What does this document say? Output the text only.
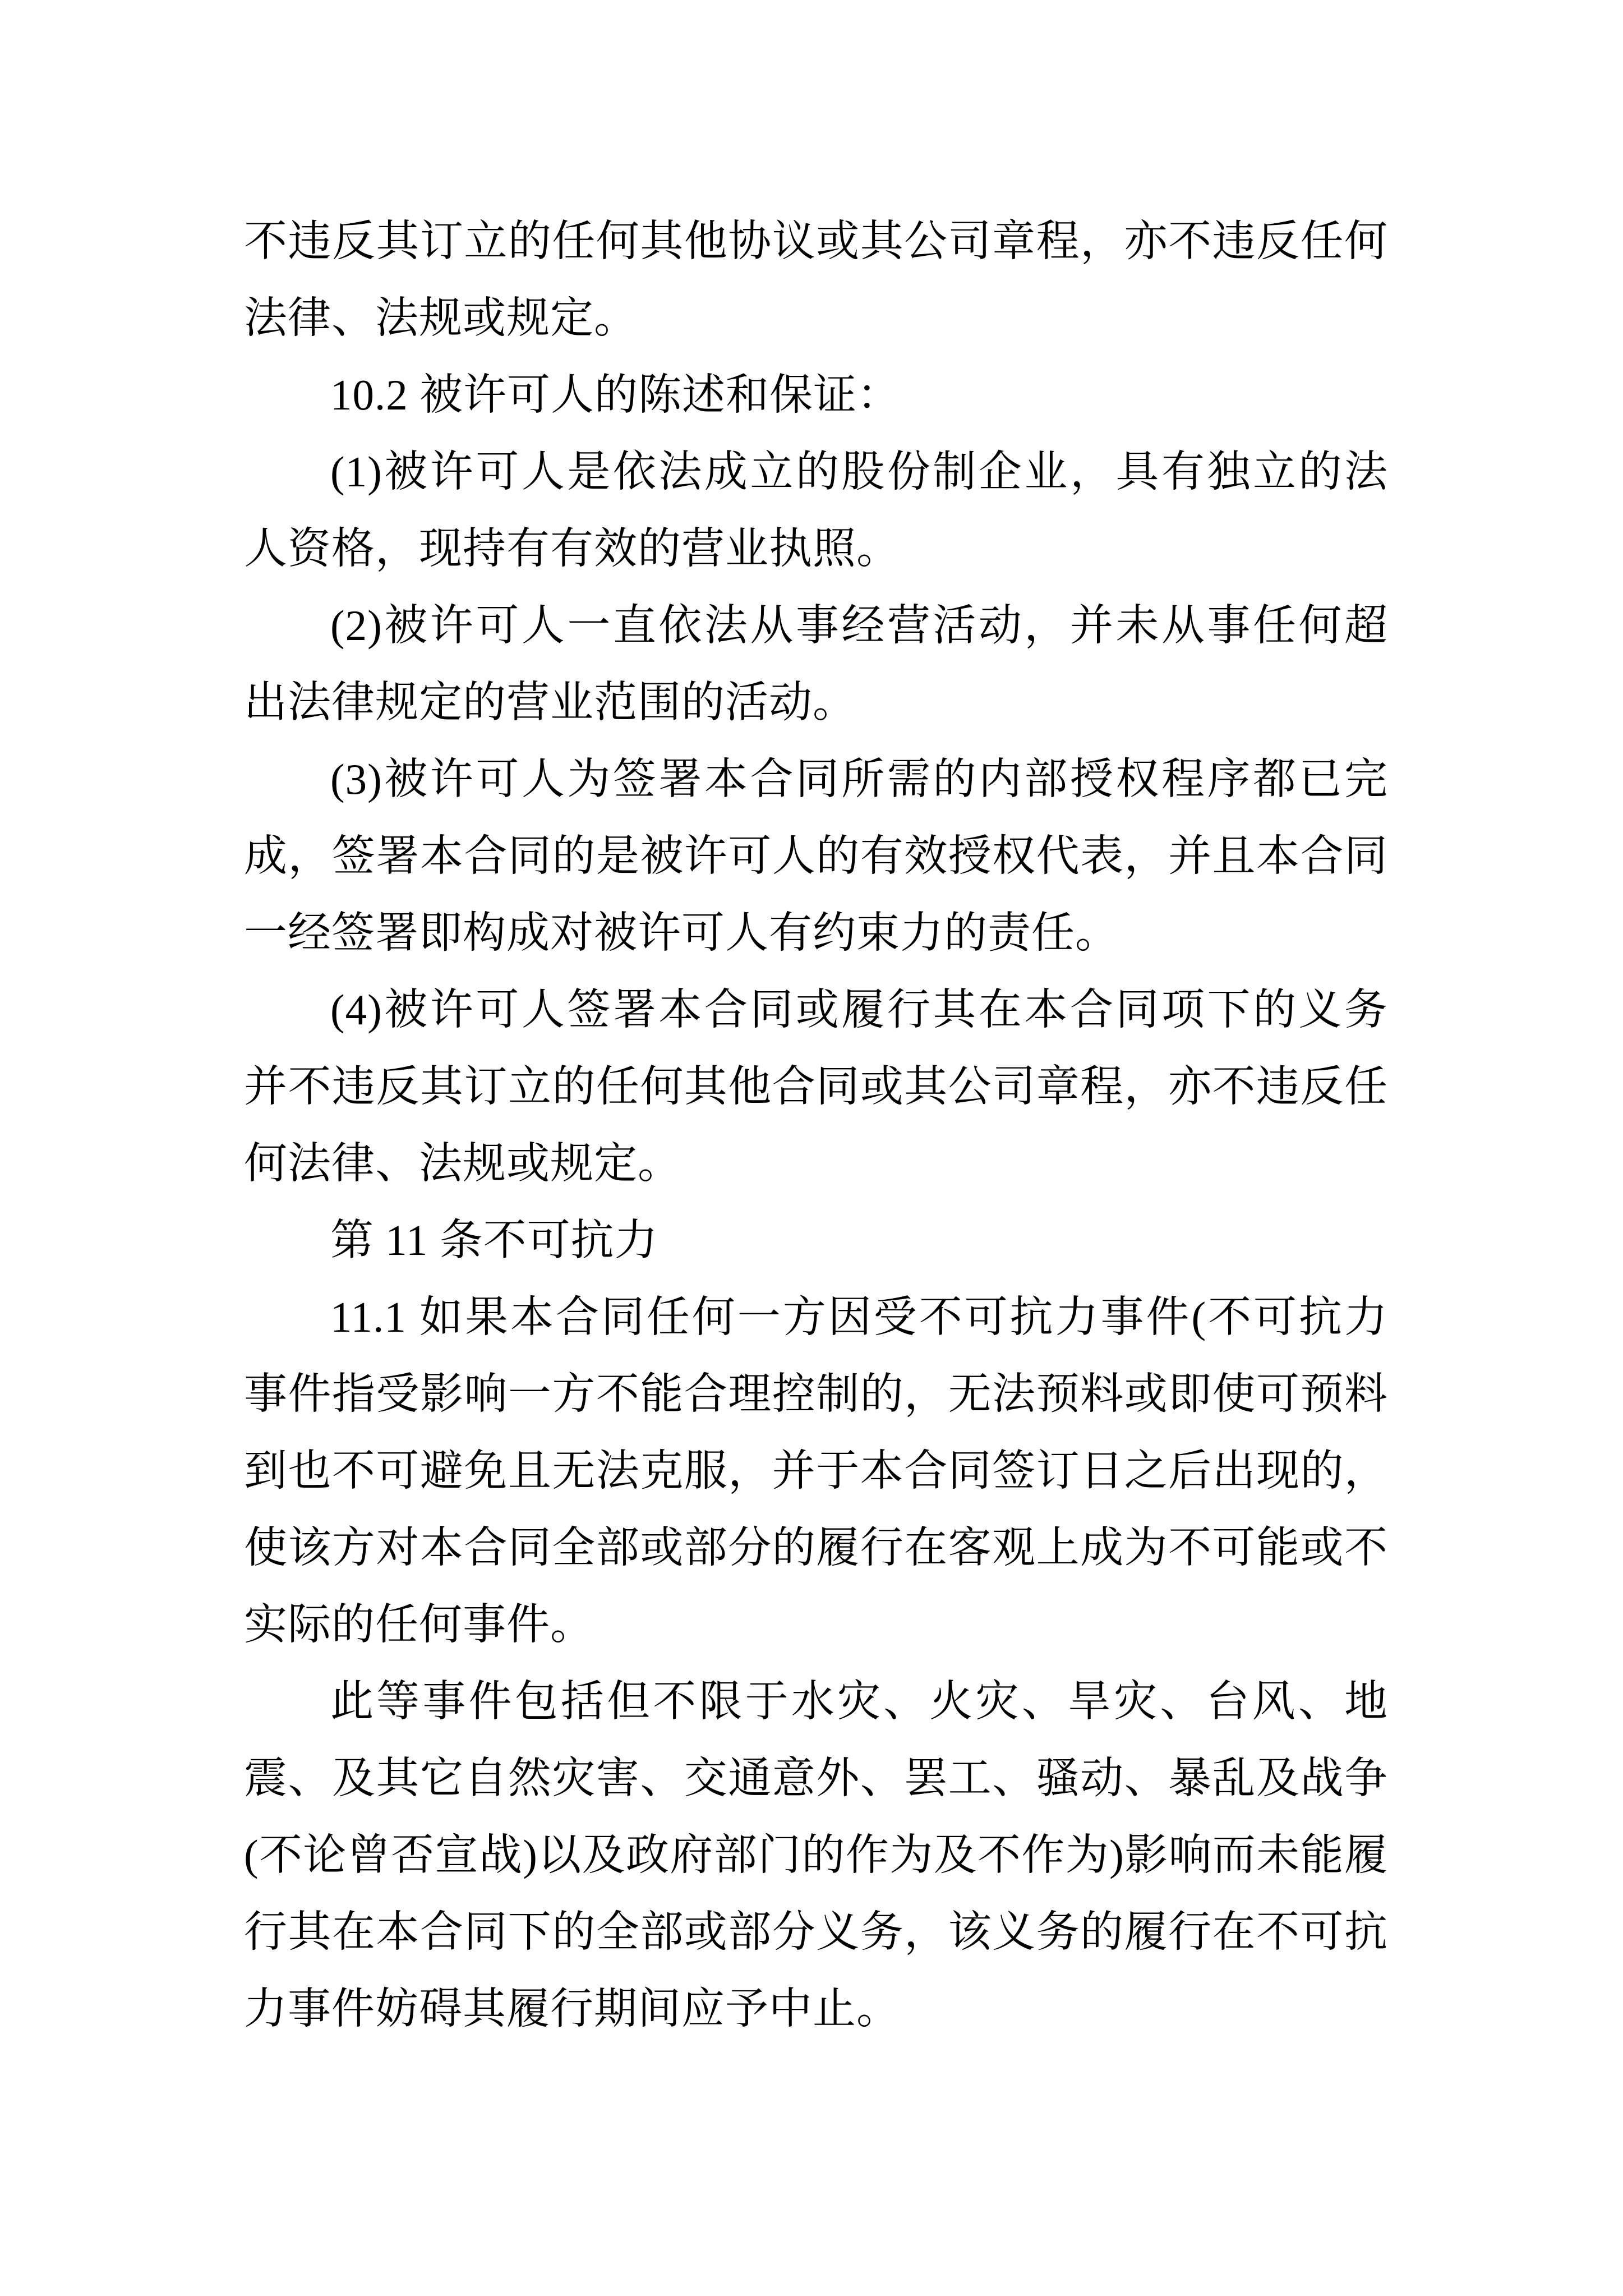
不违反其订立的任何其他协议或其公司章程，亦不违反任何法律、法规或规定。

10.2 被许可人的陈述和保证：

(1)被许可人是依法成立的股份制企业，具有独立的法人资格，现持有有效的营业执照。

(2)被许可人一直依法从事经营活动，并未从事任何超出法律规定的营业范围的活动。

(3)被许可人为签署本合同所需的内部授权程序都已完成，签署本合同的是被许可人的有效授权代表，并且本合同一经签署即构成对被许可人有约束力的责任。

(4)被许可人签署本合同或履行其在本合同项下的义务并不违反其订立的任何其他合同或其公司章程，亦不违反任何法律、法规或规定。

第 11 条不可抗力

11.1 如果本合同任何一方因受不可抗力事件(不可抗力事件指受影响一方不能合理控制的，无法预料或即使可预料到也不可避免且无法克服，并于本合同签订日之后出现的，使该方对本合同全部或部分的履行在客观上成为不可能或不实际的任何事件。

此等事件包括但不限于水灾、火灾、旱灾、台风、地震、及其它自然灾害、交通意外、罢工、骚动、暴乱及战争(不论曾否宣战)以及政府部门的作为及不作为)影响而未能履行其在本合同下的全部或部分义务，该义务的履行在不可抗力事件妨碍其履行期间应予中止。
